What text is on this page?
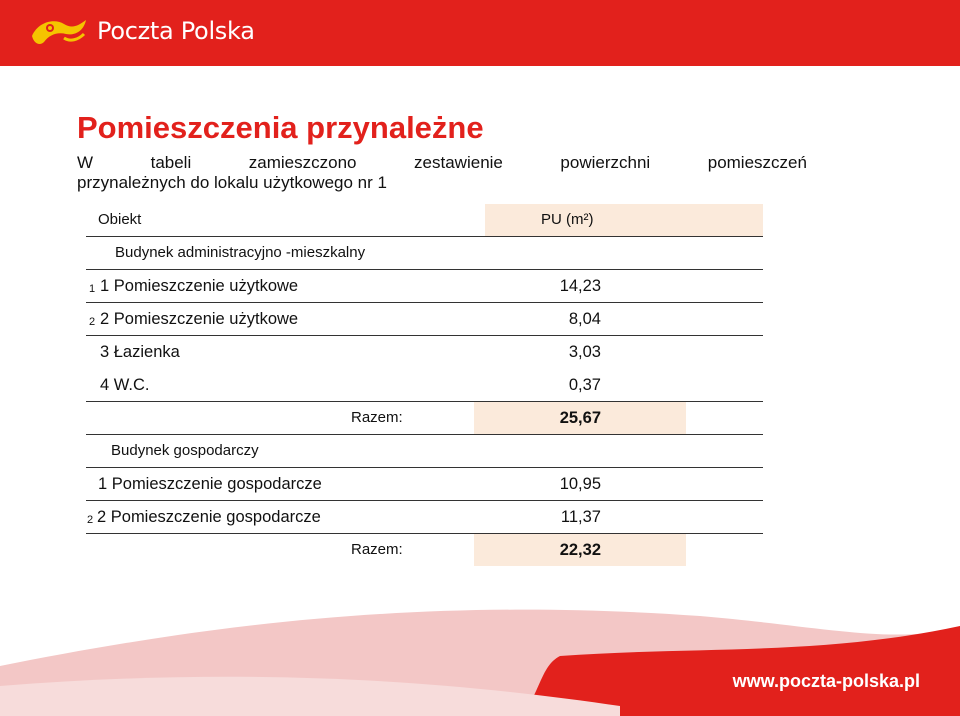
Poczta Polska
Pomieszczenia przynależne
W	tabeli	zamieszczono	zestawienie	powierzchni	pomieszczeń
przynależnych do lokalu użytkowego nr 1
Obiekt	PU (m²)
Budynek administracyjno -mieszkalny
1 1 Pomieszczenie użytkowe	14,23
2 2 Pomieszczenie użytkowe	8,04
3 Łazienka	3,03
4 W.C.	0,37
Razem:	25,67
Budynek gospodarczy
1 Pomieszczenie gospodarcze	10,95
2 2 Pomieszczenie gospodarcze	11,37
Razem:	22,32
www.poczta-polska.pl
